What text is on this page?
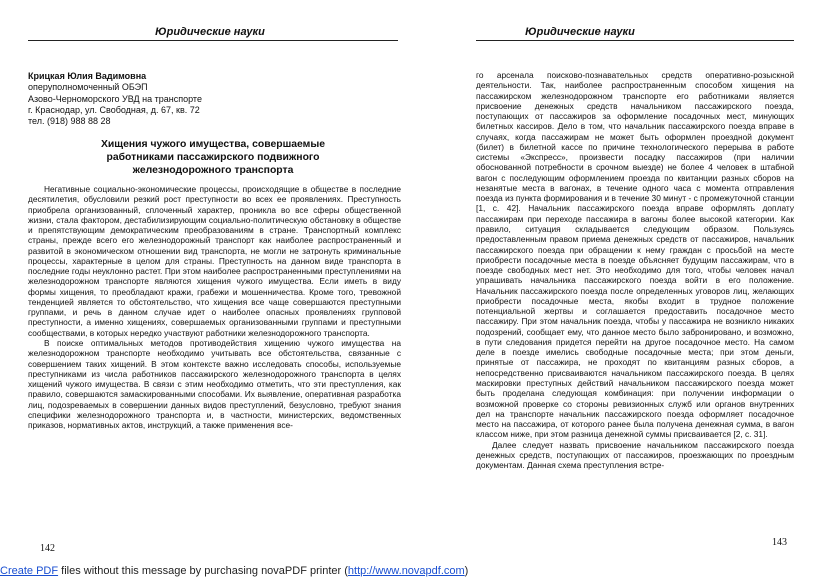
Юридические науки
Крицкая Юлия Вадимовна
оперуполномоченный ОБЭП
Азово-Черноморского УВД на транспорте
г. Краснодар, ул. Свободная, д. 67, кв. 72
тел. (918) 988 88 28
Хищения чужого имущества, совершаемые
работниками пассажирского подвижного
железнодорожного транспорта

Негативные социально-экономические процессы, происходящие в обществе в последние десятилетия, обусловили резкий рост преступности во всех ее проявлениях. Преступность приобрела организованный, сплоченный характер, проникла во все сферы общественной жизни, стала фактором, дестабилизирующим социально-политическую обстановку в обществе и препятствующим демократическим преобразованиям в стране. Транспортный комплекс страны, прежде всего его железнодорожный транспорт как наиболее распространенный и развитой в экономическом отношении вид транспорта, не могли не затронуть криминальные процессы, характерные в целом для страны. Преступность на данном виде транспорта в последние годы неуклонно растет. При этом наиболее распространенными преступлениями на железнодорожном транспорте являются хищения чужого имущества. Если иметь в виду формы хищения, то преобладают кражи, грабежи и мошенничества. Кроме того, тревожной тенденцией является то обстоятельство, что хищения все чаще совершаются преступными группами, и речь в данном случае идет о наиболее опасных проявлениях групповой преступности, а именно хищениях, совершаемых организованными группами и преступными сообществами, в которых нередко участвуют работники железнодорожного транспорта.

В поиске оптимальных методов противодействия хищению чужого имущества на железнодорожном транспорте необходимо учитывать все обстоятельства, связанные с совершением таких хищений. В этом контексте важно исследовать способы, используемые преступниками из числа работников пассажирского железнодорожного транспорта в целях хищений чужого имущества. В связи с этим необходимо отметить, что эти преступления, как правило, совершаются замаскированными способами. Их выявление, оперативная разработка лиц, подозреваемых в совершении данных видов преступлений, безусловно, требуют знания специфики железнодорожного транспорта и, в частности, министерских, ведомственных приказов, нормативных актов, инструкций, а также применения все-

142
Юридические науки

го арсенала поисково-познавательных средств оперативно-розыскной деятельности. Так, наиболее распространенным способом хищения на пассажирском железнодорожном транспорте его работниками является присвоение денежных средств начальником пассажирского поезда, поступающих от пассажиров за оформление посадочных мест, минующих билетных кассиров. Дело в том, что начальник пассажирского поезда вправе в случаях, когда пассажирам не может быть оформлен проездной документ (билет) в билетной кассе по причине технологического перерыва в работе системы «Экспресс», произвести посадку пассажиров (при наличии обоснованной потребности в срочном выезде) не более 4 человек в штабной вагон с последующим оформлением проезда по квитанции разных сборов на незанятые места в вагонах, в течение одного часа с момента отправления поезда из пункта формирования и в течение 30 минут - с промежуточной станции [1, с. 42]. Начальник пассажирского поезда вправе оформлять доплату пассажирам при переходе пассажира в вагоны более высокой категории. Как правило, ситуация складывается следующим образом. Пользуясь предоставленным правом приема денежных средств от пассажиров, начальник пассажирского поезда при обращении к нему граждан с просьбой на месте приобрести посадочные места в поезде объясняет будущим пассажирам, что в поезде свободных мест нет. Это необходимо для того, чтобы человек начал упрашивать начальника пассажирского поезда войти в его положение. Начальник пассажирского поезда после определенных уговоров лиц, желающих приобрести посадочные места, якобы входит в трудное положение потенциальной жертвы и соглашается предоставить посадочное место пассажиру. При этом начальник поезда, чтобы у пассажира не возникло никаких подозрений, сообщает ему, что данное место было забронировано, и возможно, в пути следования придется перейти на другое посадочное место. На самом деле в поезде имелись свободные посадочные места; при этом деньги, принятые от пассажира, не проходят по квитанциям разных сборов, а непосредственно присваиваются начальником пассажирского поезда. В целях маскировки преступных действий начальником пассажирского поезда может быть проделана следующая комбинация: при получении информации о возможной проверке со стороны ревизионных служб или органов внутренних дел на транспорте начальник пассажирского поезда оформляет посадочное место на пассажира, от которого ранее была получена денежная сумма, в вагон классом ниже, при этом разница денежной суммы присваивается [2, с. 31].

Далее следует назвать присвоение начальником пассажирского поезда денежных средств, поступающих от пассажиров, проезжающих по проездным документам. Данная схема преступления встре-

143
Create PDF files without this message by purchasing novaPDF printer (http://www.novapdf.com)
